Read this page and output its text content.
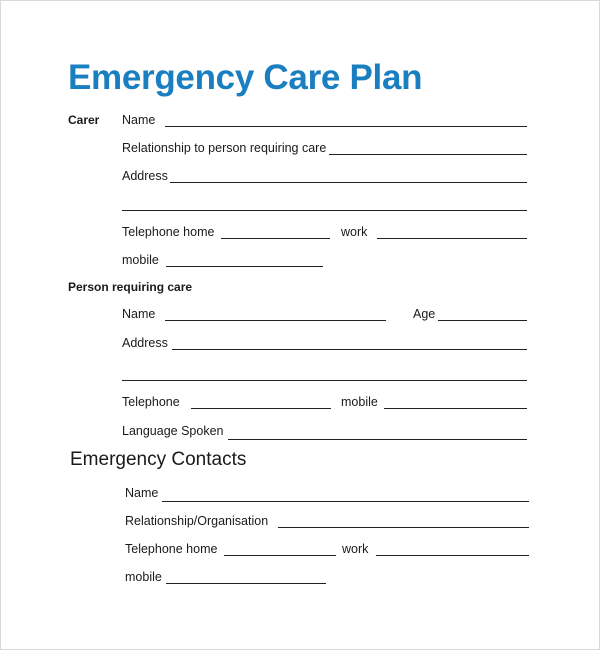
Emergency Care Plan
Carer Name
Relationship to person requiring care
Address
Telephone home	work
mobile
Person requiring care
Name	Age
Address
Telephone	mobile
Language Spoken
Emergency Contacts
Name
Relationship/Organisation
Telephone home	work
mobile
